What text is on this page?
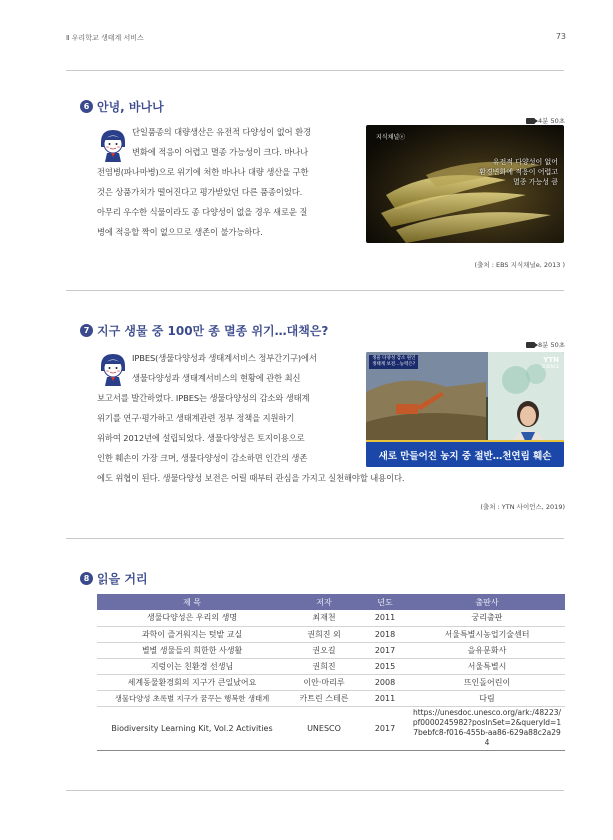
Ⅱ 우리학교 생태계 서비스	73
6 안녕, 바나나
단일품종의 대량생산은 유전적 다양성이 없어 환경
변화에 적응이 어렵고 멸종 가능성이 크다. 바나나
전염병(파나마병)으로 위기에 처한 바나나 대량 생산을 구한
것은 상품가치가 떨어진다고 평가받았던 다른 품종이었다.
아무리 우수한 식물이라도 종 다양성이 없을 경우 새로운 질
병에 적응할 짝이 없으므로 생존이 불가능하다.
4분 50초
지식채널ⓔ
유전적 다양성이 없어
환경변화에 적응이 어렵고
멸종 가능성 큼
(출처 : EBS 지식채널e, 2013 )
7 지구 생물 중 100만 종 멸종 위기…대책은?
IPBES(생물다양성과 생태계서비스 정부간기구)에서
생물다양성과 생태계서비스의 현황에 관한 최신
보고서를 발간하였다. IPBES는 생물다양성의 감소와 생태계
위기를 연구·평가하고 생태계관련 정부 정책을 지원하기
위하여 2012년에 설립되었다. 생물다양성은 토지이용으로
인한 훼손이 가장 크며, 생물다양성이 감소하면 인간의 생존
에도 위협이 된다. 생물다양성 보전은 어릴 때부터 관심을 가지고 실천해야할 내용이다.
8분 50초
생물 다양성 감소 원인
생태계 보전…능력은?
YTN
SCIENCE
새로 만들어진 농지 중 절반…천연림 훼손
(출처 : YTN 사이언스, 2019)
8 읽을 거리
제 목	저자	년도	출판사
생물다양성은 우리의 생명	최재천	2011	궁리출판
과학이 즐거워지는 텃밭 교실	권희진 외	2018	서울특별시농업기술센터
별별 생물들의 희한한 사생활	권오길	2017	을유문화사
지렁이는 친환경 선생님	권희진	2015	서울특별시
세계동물환경회의 지구가 큰일났어요	이안·마리루	2008	뜨인돌어린이
생물다양성 초록별 지구가 꿈꾸는 행복한 생태계	카트린 스테른	2011	다림
Biodiversity Learning Kit, Vol.2 Activities	UNESCO	2017	https://unesdoc.unesco.org/ark:/48223/pf0000245982?posInSet=2&queryId=17bebfc8-f016-455b-aa86-629a88c2a294
